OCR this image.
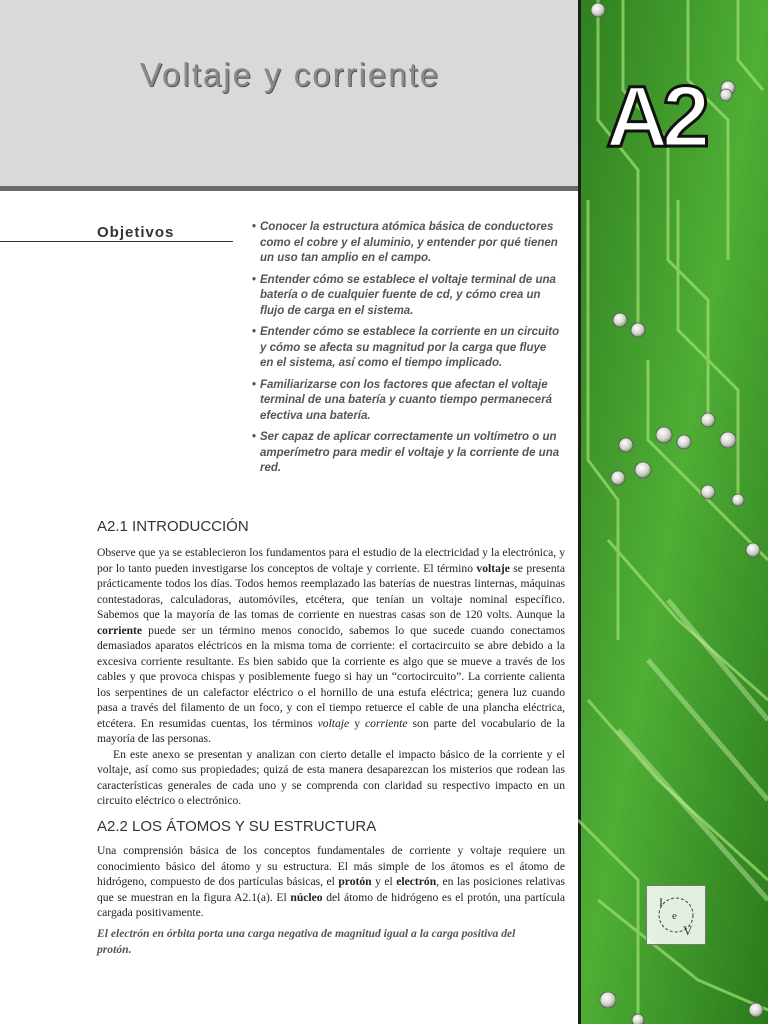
Voltaje y corriente	A2
Objetivos
•	Conocer la estructura atómica básica de conductores como el cobre y el aluminio, y entender por qué tienen un uso tan amplio en el campo.
• Entender cómo se establece el voltaje terminal de una batería o de cualquier fuente de cd, y cómo crea un flujo de carga en el sistema.
• Entender cómo se establece la corriente en un circuito y cómo se afecta su magnitud por la carga que fluye en el sistema, así como el tiempo implicado.
• Familiarizarse con los factores que afectan el voltaje terminal de una batería y cuanto tiempo permanecerá efectiva una batería.
• Ser capaz de aplicar correctamente un voltímetro o un amperímetro para medir el voltaje y la corriente de una red.
A2.1 INTRODUCCIÓN

Observe que ya se establecieron los fundamentos para el estudio de la electricidad y la electrónica, y por lo tanto pueden investigarse los conceptos de voltaje y corriente. El término voltaje se presenta prácticamente todos los días. Todos hemos reemplazado las baterías de nuestras linternas, máquinas contestadoras, calculadoras, automóviles, etcétera, que tenían un voltaje nominal específico. Sabemos que la mayoría de las tomas de corriente en nuestras casas son de 120 volts. Aunque la corriente puede ser un término menos conocido, sabemos lo que sucede cuando conectamos demasiados aparatos eléctricos en la misma toma de corriente: el cortacircuito se abre debido a la excesiva corriente resultante. Es bien sabido que la corriente es algo que se mueve a través de los cables y que provoca chispas y posiblemente fuego si hay un “cortocircuito”. La corriente calienta los serpentines de un calefactor eléctrico o el hornillo de una estufa eléctrica; genera luz cuando pasa a través del filamento de un foco, y con el tiempo retuerce el cable de una plancha eléctrica, etcétera. En resumidas cuentas, los términos voltaje y corriente son parte del vocabulario de la mayoría de las personas.

En este anexo se presentan y analizan con cierto detalle el impacto básico de la corriente y el voltaje, así como sus propiedades; quizá de esta manera desaparezcan los misterios que rodean las características generales de cada uno y se comprenda con claridad su respectivo impacto en un circuito eléctrico o electrónico.

A2.2 LOS ÁTOMOS Y SU ESTRUCTURA

Una comprensión básica de los conceptos fundamentales de corriente y voltaje requiere un conocimiento básico del átomo y su estructura. El más simple de los átomos es el átomo de hidrógeno, compuesto de dos partículas básicas, el protón y el electrón, en las posiciones relativas que se muestran en la figura A2.1(a). El núcleo del átomo de hidrógeno es el protón, una partícula cargada positivamente.

El electrón en órbita porta una carga negativa de magnitud igual a la carga positiva del protón.

I
e
V
